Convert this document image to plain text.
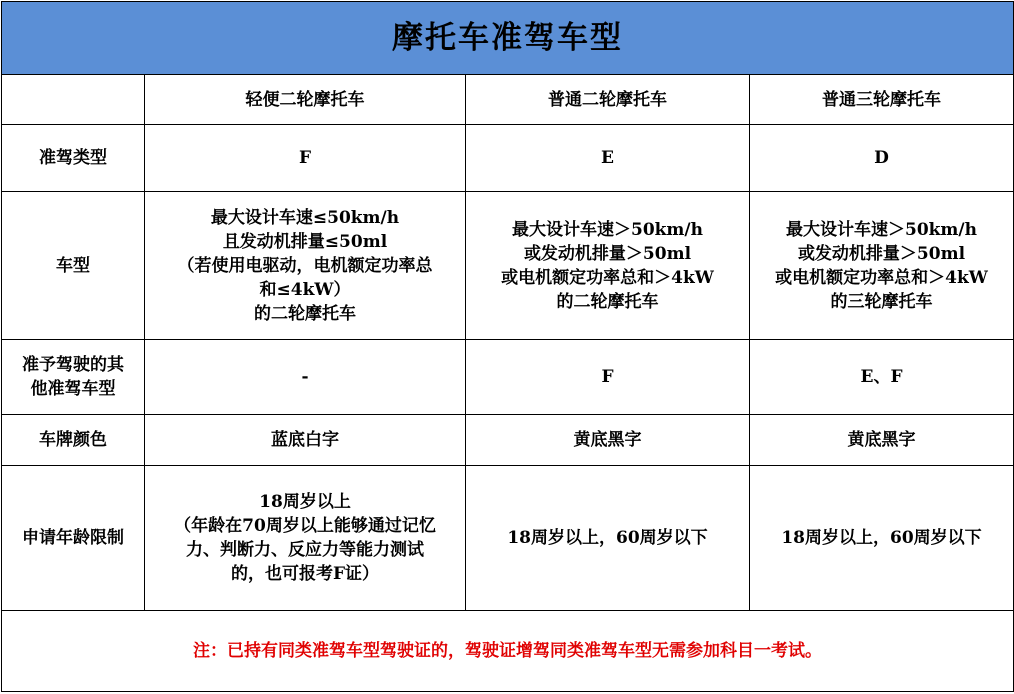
摩托车准驾车型			
	轻便二轮摩托车	普通二轮摩托车	普通三轮摩托车

准驾类型	F	E	D

车型	最大设计车速≤50km/h
且发动机排量≤50ml
（若使用电驱动，电机额定功率总
和≤4kW）
的二轮摩托车	最大设计车速＞50km/h
或发动机排量＞50ml
或电机额定功率总和＞4kW
的二轮摩托车	最大设计车速＞50km/h
或发动机排量＞50ml
或电机额定功率总和＞4kW
的三轮摩托车

准予驾驶的其
他准驾车型	-	F	E、F

车牌颜色	蓝底白字	黄底黑字	黄底黑字

申请年龄限制	18周岁以上
（年龄在70周岁以上能够通过记忆
力、判断力、反应力等能力测试
的，也可报考F证）	18周岁以上，60周岁以下	18周岁以上，60周岁以下

注：已持有同类准驾车型驾驶证的，驾驶证增驾同类准驾车型无需参加科目一考试。			
